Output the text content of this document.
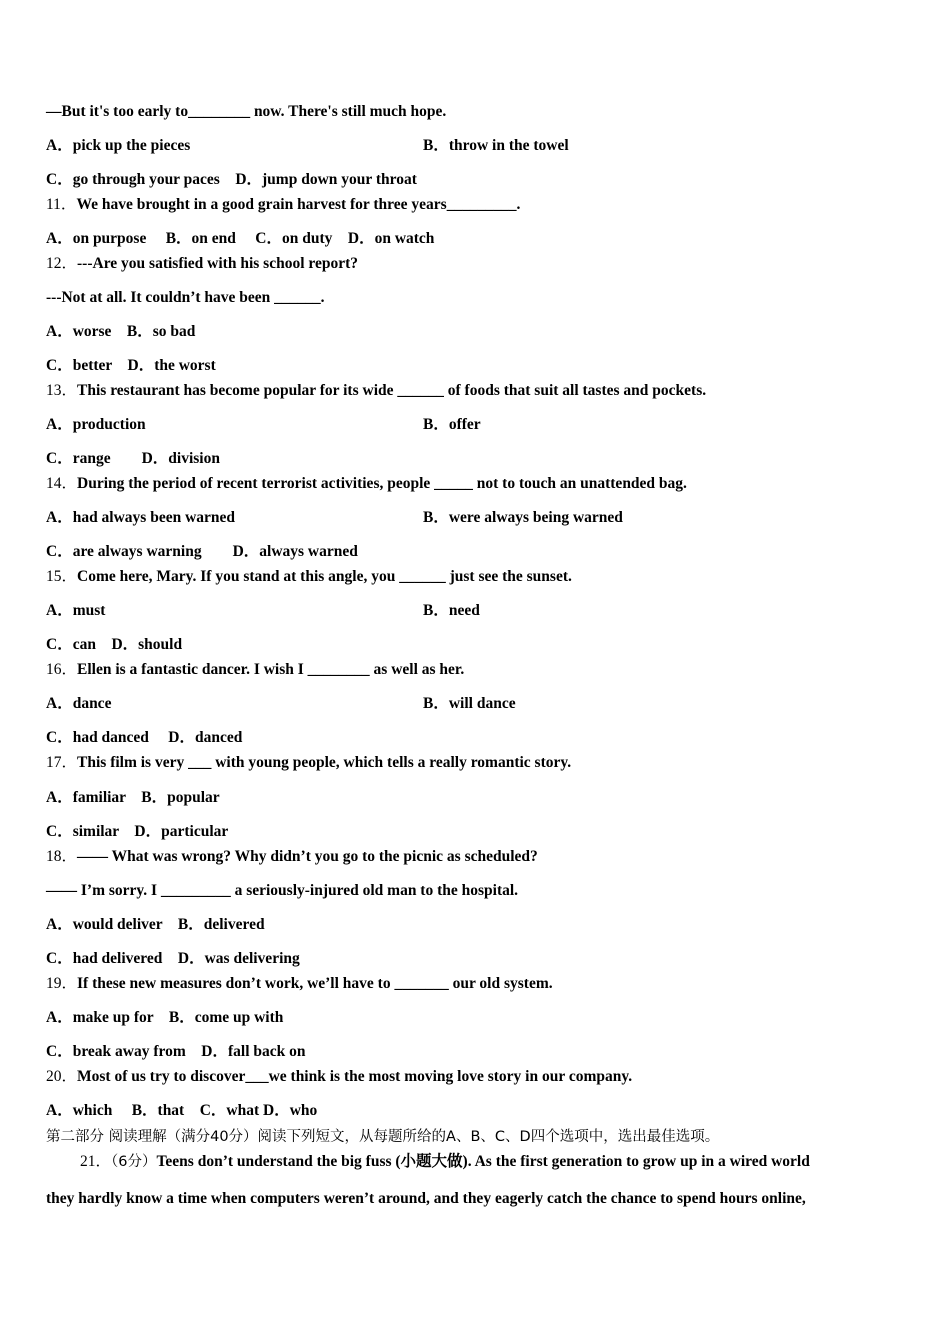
—But it's too early to________ now. There's still much hope.
A．pick up the pieces	B．throw in the towel
C．go through your paces　D．jump down your throat
11．We have brought in a good grain harvest for three years_________.
A．on purpose　 B．on end　 C．on duty　D．on watch
12．---Are you satisfied with his school report?
---Not at all. It couldn’t have been ______.
A．worse　B．so bad
C．better　D．the worst
13．This restaurant has become popular for its wide ______ of foods that suit all tastes and pockets.
A．production	B．offer
C．range　　D．division
14．During the period of recent terrorist activities, people _____ not to touch an unattended bag.
A．had always been warned	B．were always being warned
C．are always warning　　D．always warned
15．Come here, Mary. If you stand at this angle, you ______ just see the sunset.
A．must	B．need
C．can　D．should
16．Ellen is a fantastic dancer. I wish I ________ as well as her.
A．dance	B．will dance
C．had danced　 D．danced
17．This film is very ___ with young people, which tells a really romantic story.
A．familiar　B．popular
C．similar　D．particular
18．—— What was wrong? Why didn’t you go to the picnic as scheduled?
—— I’m sorry. I _________ a seriously-injured old man to the hospital.
A．would deliver　B．delivered
C．had delivered　D．was delivering
19．If these new measures don’t work, we’ll have to _______ our old system.
A．make up for　B．come up with
C．break away from　D．fall back on
20．Most of us try to discover___we think is the most moving love story in our company.
A．which　 B．that　C．what D．who
第二部分 阅读理解（满分40分）阅读下列短文，从每题所给的A、B、C、D四个选项中，选出最佳选项。
21．（6分）Teens don’t understand the big fuss (小题大做). As the first generation to grow up in a wired world
they hardly know a time when computers weren’t around, and they eagerly catch the chance to spend hours online,
